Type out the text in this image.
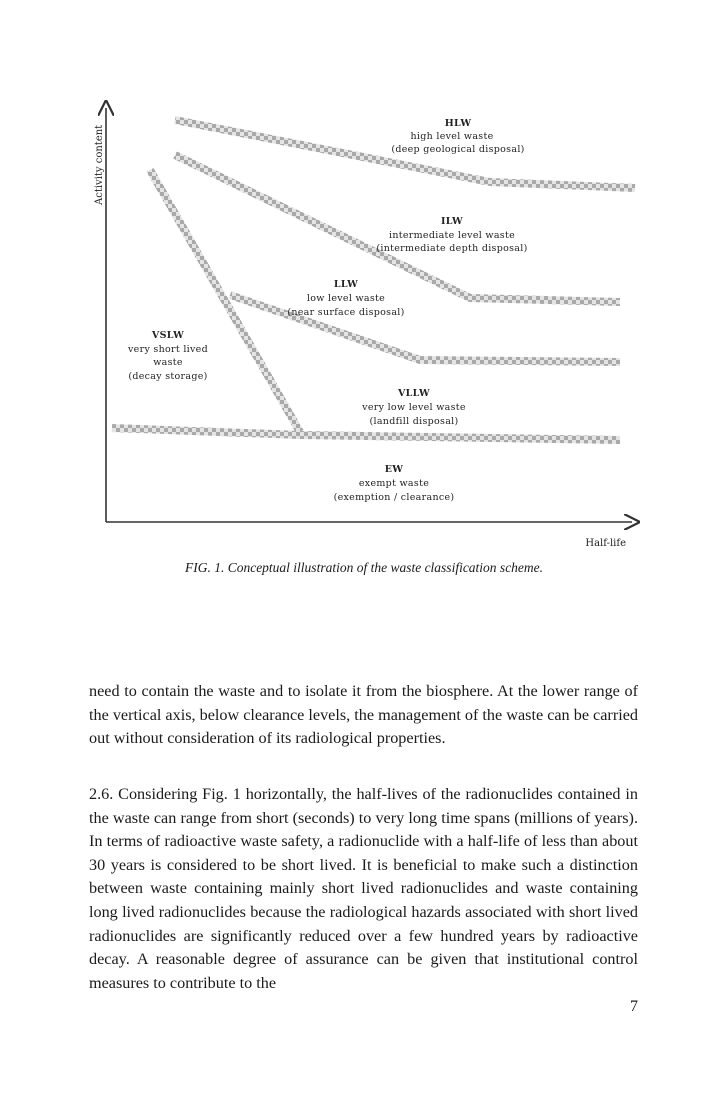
Activity content
Half-life
HLW
high level waste
(deep geological disposal)
ILW
intermediate level waste
(intermediate depth disposal)
LLW
low level waste
(near surface disposal)
VSLW
very short lived
waste
(decay storage)
VLLW
very low level waste
(landfill disposal)
EW
exempt waste
(exemption / clearance)
FIG. 1. Conceptual illustration of the waste classification scheme.

need to contain the waste and to isolate it from the biosphere. At the lower range of the vertical axis, below clearance levels, the management of the waste can be carried out without consideration of its radiological properties.

2.6. Considering Fig. 1 horizontally, the half-lives of the radionuclides contained in the waste can range from short (seconds) to very long time spans (millions of years). In terms of radioactive waste safety, a radionuclide with a half-life of less than about 30 years is considered to be short lived. It is beneficial to make such a distinction between waste containing mainly short lived radionuclides and waste containing long lived radionuclides because the radiological hazards associated with short lived radionuclides are significantly reduced over a few hundred years by radioactive decay. A reasonable degree of assurance can be given that institutional control measures to contribute to the

7
